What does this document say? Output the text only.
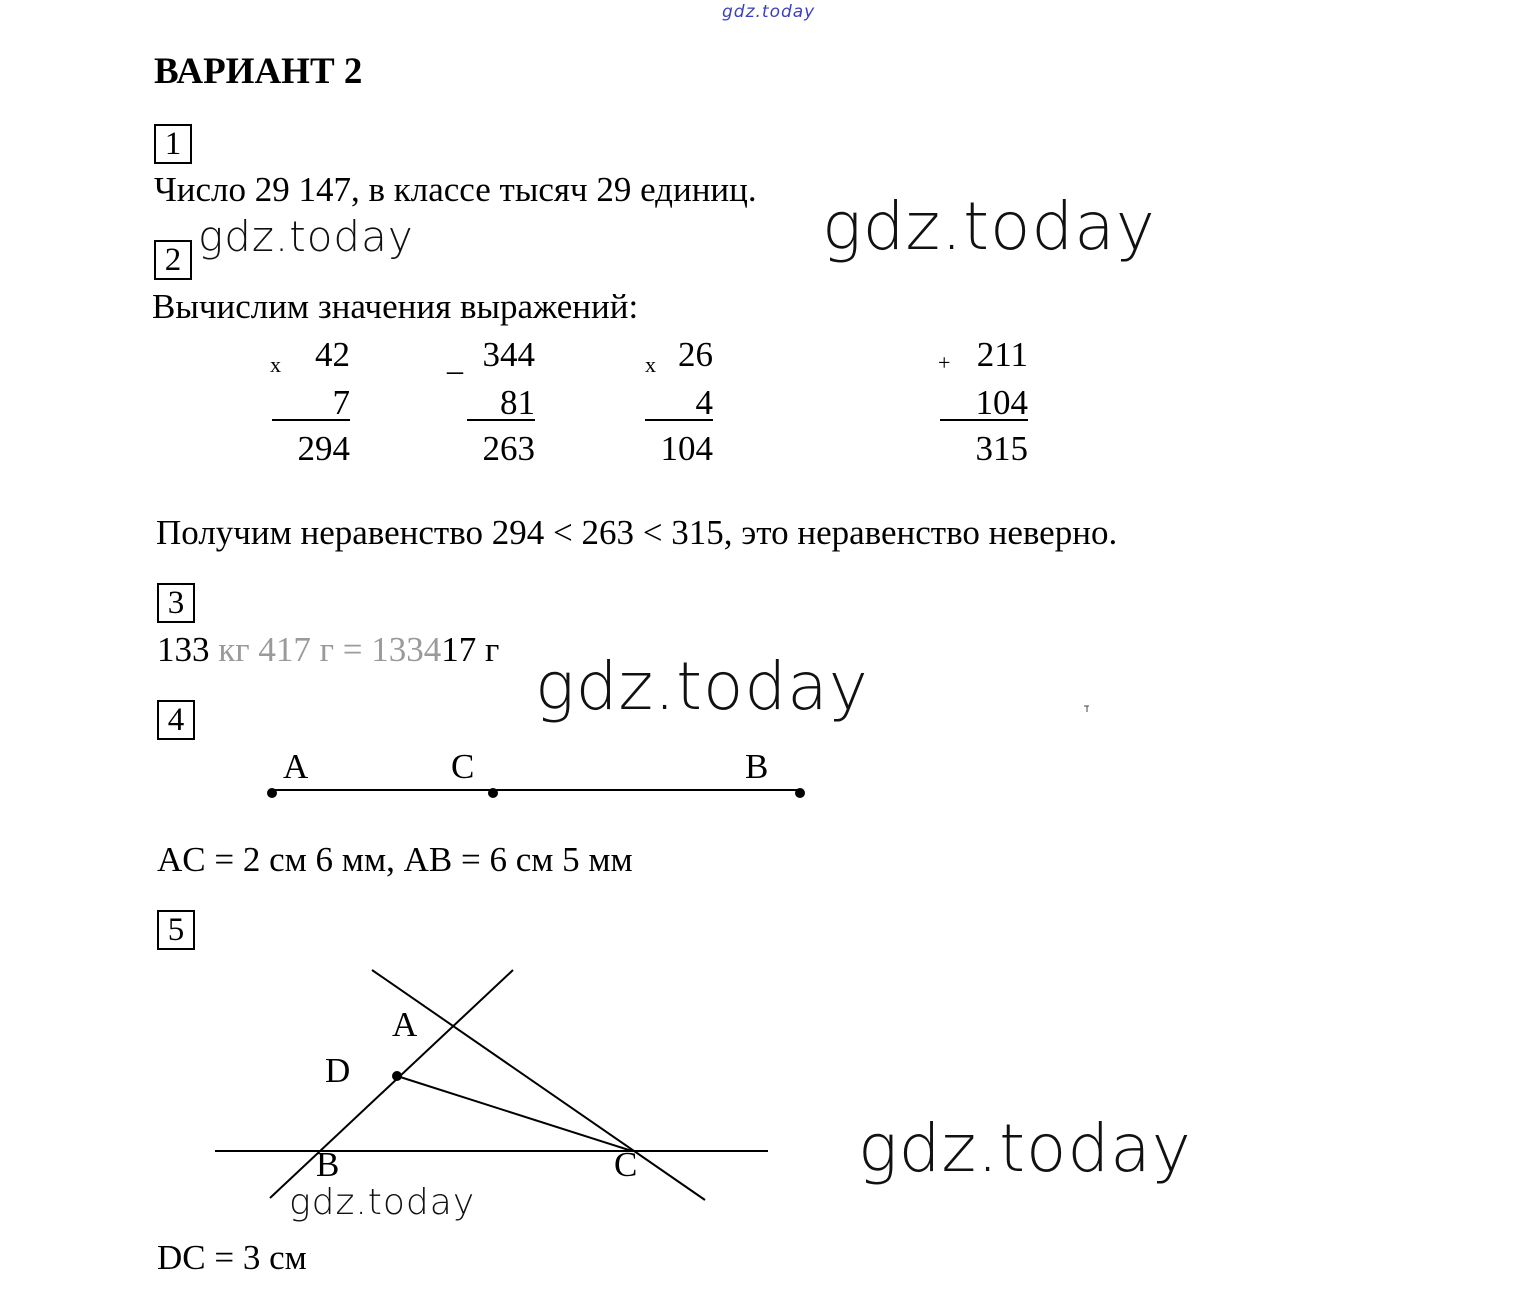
gdz.today
ВАРИАНТ 2
1
Число 29 147, в классе тысяч 29 единиц.
2
Вычислим значения выражений:
x 42
7
294
_ 344
81
263
x 26
4
104
+ 211
104
315
Получим неравенство 294 < 263 < 315, это неравенство неверно.
3
133 кг 417 г = 133417 г
4
A	C	B
AC = 2 см 6 мм, AB = 6 см 5 мм
5
A
D
B	C
DC = 3 см
gdz.today	gdz.today
gdz.today
gdz.today
gdz.today
